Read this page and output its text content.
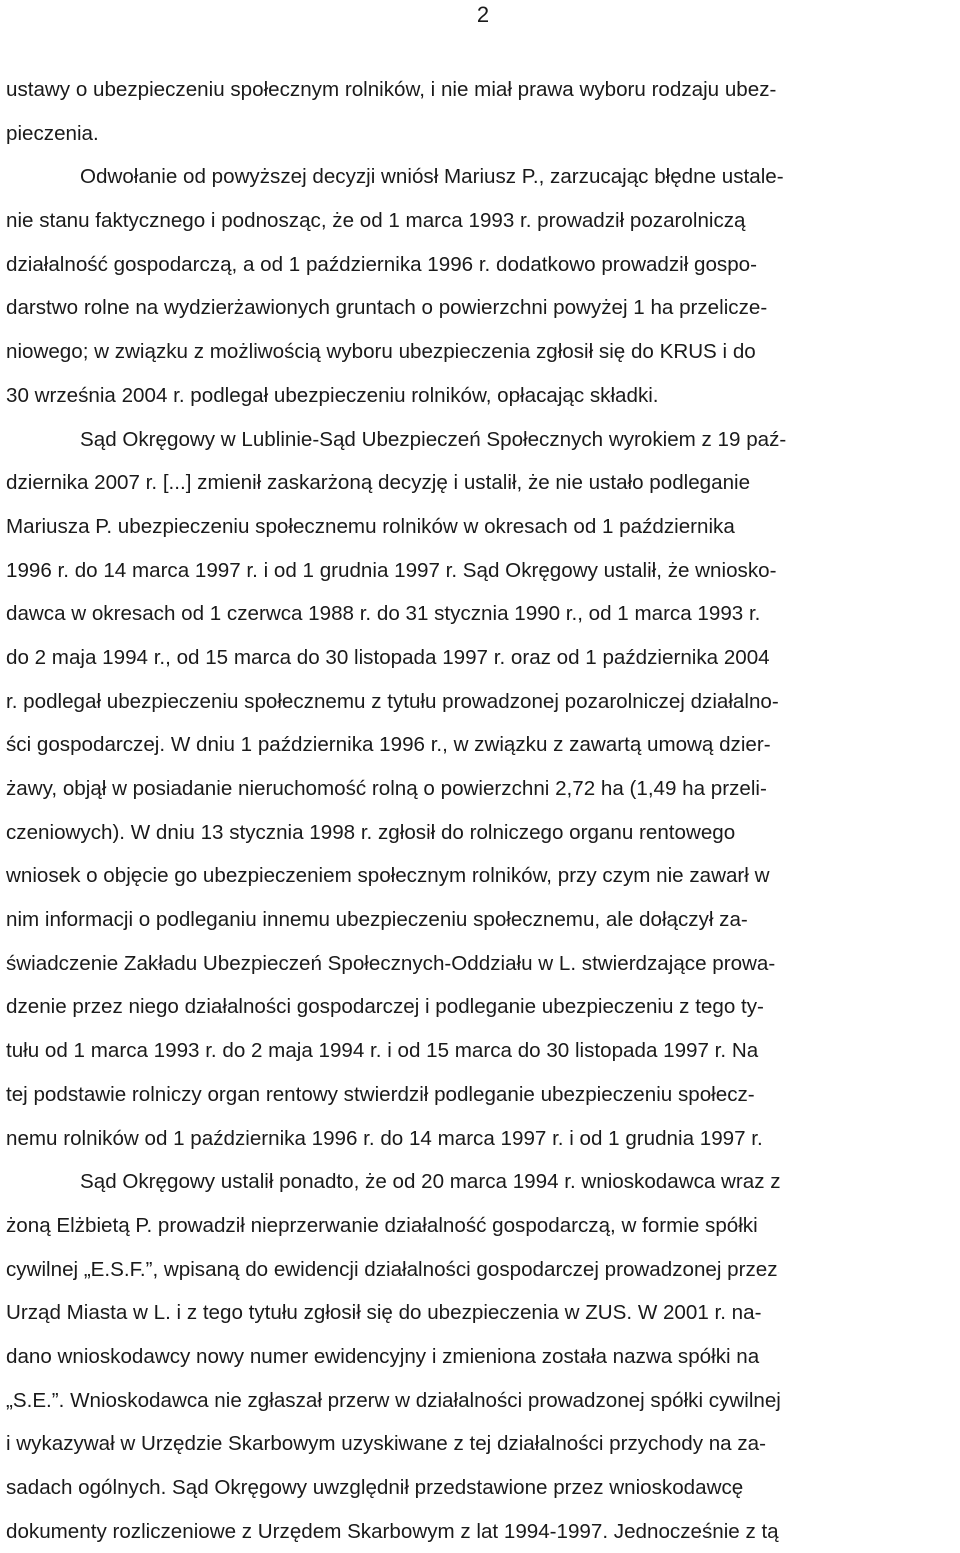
2
ustawy o ubezpieczeniu społecznym rolników, i nie miał prawa wyboru rodzaju ubez-
pieczenia.
Odwołanie od powyższej decyzji wniósł Mariusz P., zarzucając błędne ustale-
nie stanu faktycznego i podnosząc, że od 1 marca 1993 r. prowadził pozarolniczą
działalność gospodarczą, a od 1 października 1996 r. dodatkowo prowadził gospo-
darstwo rolne na wydzierżawionych gruntach o powierzchni powyżej 1 ha przelicze-
niowego; w związku z możliwością wyboru ubezpieczenia zgłosił się do KRUS i do
30 września 2004 r. podlegał ubezpieczeniu rolników, opłacając składki.
Sąd Okręgowy w Lublinie-Sąd Ubezpieczeń Społecznych wyrokiem z 19 paź-
dziernika 2007 r. [...] zmienił zaskarżoną decyzję i ustalił, że nie ustało podleganie
Mariusza P. ubezpieczeniu społecznemu rolników w okresach od 1 października
1996 r. do 14 marca 1997 r. i od 1 grudnia 1997 r. Sąd Okręgowy ustalił, że wniosko-
dawca w okresach od 1 czerwca 1988 r. do 31 stycznia 1990 r., od 1 marca 1993 r.
do 2 maja 1994 r., od 15 marca do 30 listopada 1997 r. oraz od 1 października 2004
r. podlegał ubezpieczeniu społecznemu z tytułu prowadzonej pozarolniczej działalno-
ści gospodarczej. W dniu 1 października 1996 r., w związku z zawartą umową dzier-
żawy, objął w posiadanie nieruchomość rolną o powierzchni 2,72 ha (1,49 ha przeli-
czeniowych). W dniu 13 stycznia 1998 r. zgłosił do rolniczego organu rentowego
wniosek o objęcie go ubezpieczeniem społecznym rolników, przy czym nie zawarł w
nim informacji o podleganiu innemu ubezpieczeniu społecznemu, ale dołączył za-
świadczenie Zakładu Ubezpieczeń Społecznych-Oddziału w L. stwierdzające prowa-
dzenie przez niego działalności gospodarczej i podleganie ubezpieczeniu z tego ty-
tułu od 1 marca 1993 r. do 2 maja 1994 r. i od 15 marca do 30 listopada 1997 r. Na
tej podstawie rolniczy organ rentowy stwierdził podleganie ubezpieczeniu społecz-
nemu rolników od 1 października 1996 r. do 14 marca 1997 r. i od 1 grudnia 1997 r.
Sąd Okręgowy ustalił ponadto, że od 20 marca 1994 r. wnioskodawca wraz z
żoną Elżbietą P. prowadził nieprzerwanie działalność gospodarczą, w formie spółki
cywilnej „E.S.F.”, wpisaną do ewidencji działalności gospodarczej prowadzonej przez
Urząd Miasta w L. i z tego tytułu zgłosił się do ubezpieczenia w ZUS. W 2001 r. na-
dano wnioskodawcy nowy numer ewidencyjny i zmieniona została nazwa spółki na
„S.E.”. Wnioskodawca nie zgłaszał przerw w działalności prowadzonej spółki cywilnej
i wykazywał w Urzędzie Skarbowym uzyskiwane z tej działalności przychody na za-
sadach ogólnych. Sąd Okręgowy uwzględnił przedstawione przez wnioskodawcę
dokumenty rozliczeniowe z Urzędem Skarbowym z lat 1994-1997. Jednocześnie z tą
